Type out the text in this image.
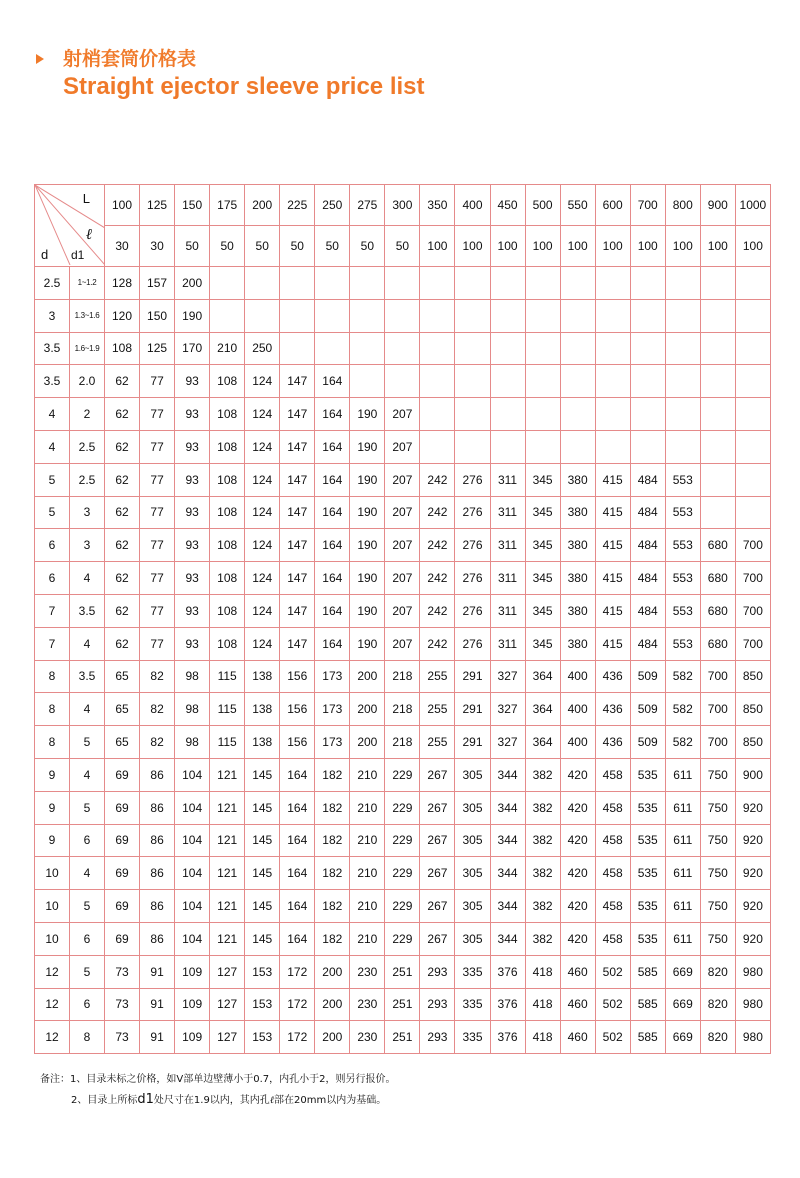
射梢套筒价格表
Straight ejector sleeve price list
L
ℓ
d d1		100	125	150	175	200	225	250	275	300	350	400	450	500	550	600	700	800	900	1000
		30	30	50	50	50	50	50	50	50	100	100	100	100	100	100	100	100	100	100
2.5	1~1.2	128	157	200																
3	1.3~1.6	120	150	190																
3.5	1.6~1.9	108	125	170	210	250														
3.5	2.0	62	77	93	108	124	147	164												
4	2	62	77	93	108	124	147	164	190	207										
4	2.5	62	77	93	108	124	147	164	190	207										
5	2.5	62	77	93	108	124	147	164	190	207	242	276	311	345	380	415	484	553		
5	3	62	77	93	108	124	147	164	190	207	242	276	311	345	380	415	484	553		
6	3	62	77	93	108	124	147	164	190	207	242	276	311	345	380	415	484	553	680	700
6	4	62	77	93	108	124	147	164	190	207	242	276	311	345	380	415	484	553	680	700
7	3.5	62	77	93	108	124	147	164	190	207	242	276	311	345	380	415	484	553	680	700
7	4	62	77	93	108	124	147	164	190	207	242	276	311	345	380	415	484	553	680	700
8	3.5	65	82	98	115	138	156	173	200	218	255	291	327	364	400	436	509	582	700	850
8	4	65	82	98	115	138	156	173	200	218	255	291	327	364	400	436	509	582	700	850
8	5	65	82	98	115	138	156	173	200	218	255	291	327	364	400	436	509	582	700	850
9	4	69	86	104	121	145	164	182	210	229	267	305	344	382	420	458	535	611	750	900
9	5	69	86	104	121	145	164	182	210	229	267	305	344	382	420	458	535	611	750	920
9	6	69	86	104	121	145	164	182	210	229	267	305	344	382	420	458	535	611	750	920
10	4	69	86	104	121	145	164	182	210	229	267	305	344	382	420	458	535	611	750	920
10	5	69	86	104	121	145	164	182	210	229	267	305	344	382	420	458	535	611	750	920
10	6	69	86	104	121	145	164	182	210	229	267	305	344	382	420	458	535	611	750	920
12	5	73	91	109	127	153	172	200	230	251	293	335	376	418	460	502	585	669	820	980
12	6	73	91	109	127	153	172	200	230	251	293	335	376	418	460	502	585	669	820	980
12	8	73	91	109	127	153	172	200	230	251	293	335	376	418	460	502	585	669	820	980
备注：1、目录未标之价格，如V部单边壁薄小于0.7，内孔小于2，则另行报价。
2、目录上所标d1处尺寸在1.9以内，其内孔ℓ部在20mm以内为基础。
